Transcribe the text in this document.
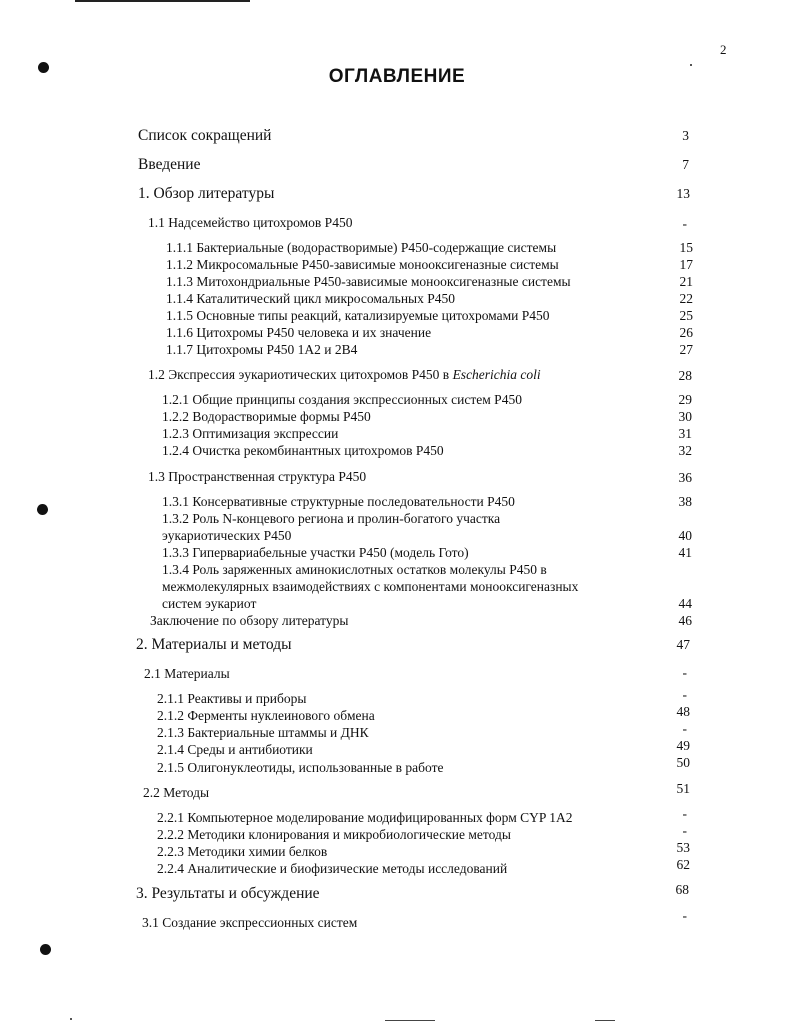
2
ОГЛАВЛЕНИЕ
Список сокращений	3
Введение	7
1. Обзор литературы	13
1.1 Надсемейство цитохромов Р450	-
1.1.1 Бактериальные (водорастворимые) Р450-содержащие системы	15
1.1.2 Микросомальные Р450-зависимые монооксигеназные системы	17
1.1.3 Митохондриальные Р450-зависимые монооксигеназные системы	21
1.1.4 Каталитический цикл микросомальных Р450	22
1.1.5 Основные типы реакций, катализируемые цитохромами Р450	25
1.1.6 Цитохромы Р450 человека и их значение	26
1.1.7 Цитохромы Р450 1А2 и 2В4	27
1.2 Экспрессия эукариотических цитохромов Р450 в Escherichia coli	28
1.2.1 Общие принципы создания экспрессионных систем Р450	29
1.2.2 Водорастворимые формы Р450	30
1.2.3 Оптимизация экспрессии	31
1.2.4 Очистка рекомбинантных цитохромов Р450	32
1.3 Пространственная структура Р450	36
1.3.1 Консервативные структурные последовательности Р450	38
1.3.2 Роль N-концевого региона и пролин-богатого участка
эукариотических Р450	40
1.3.3 Гипервариабельные участки Р450 (модель Гото)	41
1.3.4 Роль заряженных аминокислотных остатков молекулы Р450 в
межмолекулярных взаимодействиях с компонентами монооксигеназных
систем эукариот	44
Заключение по обзору литературы	46
2. Материалы и методы	47
2.1 Материалы	-
2.1.1 Реактивы и приборы	-
2.1.2 Ферменты нуклеинового обмена	48
2.1.3 Бактериальные штаммы и ДНК	-
2.1.4 Среды и антибиотики	49
2.1.5 Олигонуклеотиды, использованные в работе	50
2.2 Методы	51
2.2.1 Компьютерное моделирование модифицированных форм CYP 1A2	-
2.2.2 Методики клонирования и микробиологические методы	-
2.2.3 Методики химии белков	53
2.2.4 Аналитические и биофизические методы исследований	62
3. Результаты и обсуждение	68
3.1 Создание экспрессионных систем	-
